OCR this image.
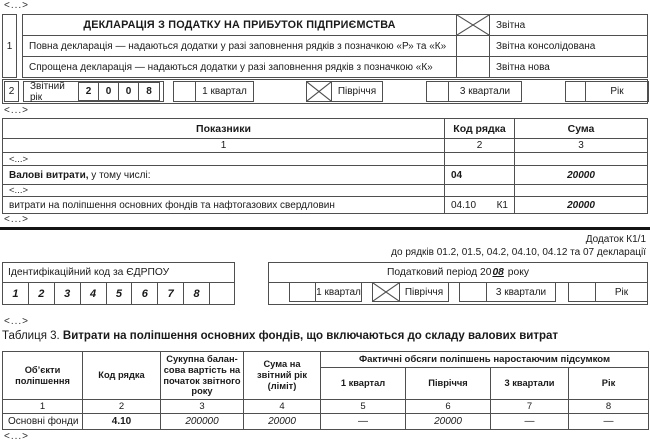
<...>
1
ДЕКЛАРАЦІЯ З ПОДАТКУ НА ПРИБУТОК ПІДПРИЄМСТВА		Звітна
Повна декларація — надаються додатки у разі заповнення рядків з позначкою «Р» та «К»		Звітна консолідована
Спрощена декларація — надаються додатки у разі заповнення рядків з позначкою «К»		Звітна нова
2	Звітний рік	2	0	0	8	1 квартал	Півріччя	3 квартали	Рік
<...>
Показники	Код рядка	Сума
1	2	3
<...>		
Валові витрати, у тому числі:	04	20000
<...>		
витрати на поліпшення основних фондів та нафтогазових свердловин	04.10 К1	20000
<...>
Додаток К1/1
до рядків 01.2, 01.5, 04.2, 04.10, 04.12 та 07 декларації
Ідентифікаційний код за ЄДРПОУ
1	2	3	4	5	6	7	8
Податковий період 20 08
року
1 квартал	Півріччя	3 квартали	Рік
<...>
Таблиця 3. Витрати на поліпшення основних фондів, що включаються до складу валових витрат
Об’єкти поліпшення	Код рядка	Сукупна балан-сова вартість на початок звітного року	Сума на звітний рік (ліміт)	Фактичні обсяги поліпшень наростаючим підсумком			
				1 квартал	Півріччя	3 квартали	Рік
1	2	3	4	5	6	7	8
Основні фонди	4.10	200000	20000	—	20000	—	—
<...>
